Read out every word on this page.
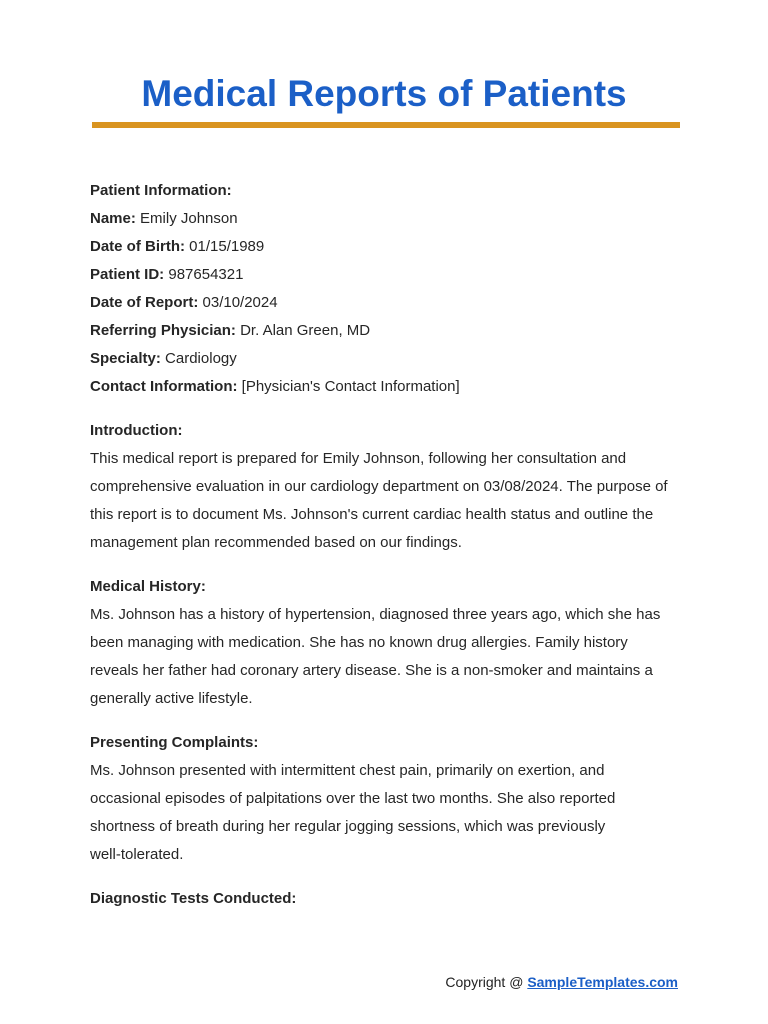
Medical Reports of Patients

Patient Information:

Name: Emily Johnson

Date of Birth: 01/15/1989

Patient ID: 987654321

Date of Report: 03/10/2024

Referring Physician: Dr. Alan Green, MD

Specialty: Cardiology

Contact Information: [Physician's Contact Information]

Introduction:

This medical report is prepared for Emily Johnson, following her consultation and
comprehensive evaluation in our cardiology department on 03/08/2024. The purpose of
this report is to document Ms. Johnson's current cardiac health status and outline the
management plan recommended based on our findings.

Medical History:

Ms. Johnson has a history of hypertension, diagnosed three years ago, which she has
been managing with medication. She has no known drug allergies. Family history
reveals her father had coronary artery disease. She is a non-smoker and maintains a
generally active lifestyle.

Presenting Complaints:

Ms. Johnson presented with intermittent chest pain, primarily on exertion, and
occasional episodes of palpitations over the last two months. She also reported
shortness of breath during her regular jogging sessions, which was previously
well-tolerated.

Diagnostic Tests Conducted:

Copyright @ SampleTemplates.com
